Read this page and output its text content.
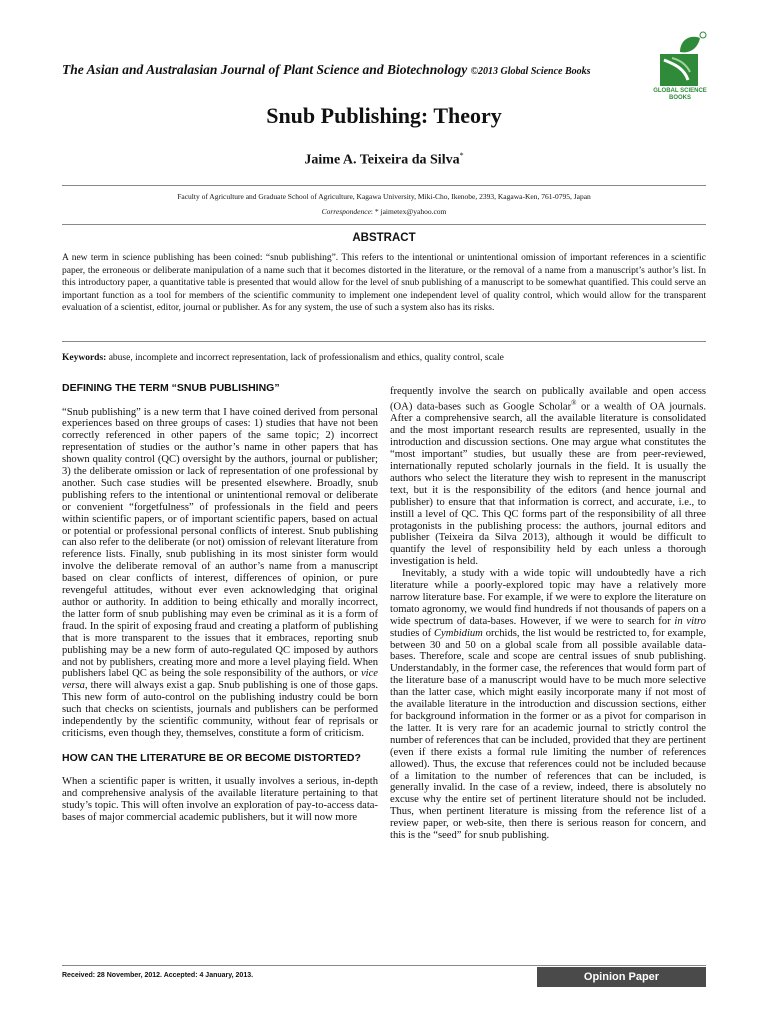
The Asian and Australasian Journal of Plant Science and Biotechnology ©2013 Global Science Books
GLOBAL SCIENCE BOOKS
Snub Publishing: Theory
Jaime A. Teixeira da Silva*
Faculty of Agriculture and Graduate School of Agriculture, Kagawa University, Miki-Cho, Ikenobe, 2393, Kagawa-Ken, 761-0795, Japan
Correspondence: * jaimetex@yahoo.com
ABSTRACT
A new term in science publishing has been coined: “snub publishing”. This refers to the intentional or unintentional omission of important references in a scientific paper, the erroneous or deliberate manipulation of a name such that it becomes distorted in the literature, or the removal of a name from a manuscript’s author’s list. In this introductory paper, a quantitative table is presented that would allow for the level of snub publishing of a manuscript to be somewhat quantified. This could serve an important function as a tool for members of the scientific community to implement one independent level of quality control, which would allow for the transparent evaluation of a scientist, editor, journal or publisher. As for any system, the use of such a system also has its risks.
Keywords: abuse, incomplete and incorrect representation, lack of professionalism and ethics, quality control, scale
DEFINING THE TERM “SNUB PUBLISHING”

“Snub publishing” is a new term that I have coined derived from personal experiences based on three groups of cases: 1) studies that have not been correctly referenced in other papers of the same topic; 2) incorrect representation of studies or the author’s name in other papers that has shown quality control (QC) oversight by the authors, journal or publisher; 3) the deliberate omission or lack of representation of one professional by another. Such case studies will be presented elsewhere. Broadly, snub publishing refers to the intentional or unintentional removal or deliberate or convenient “forgetfulness” of professionals in the field and peers within scientific papers, or of important scientific papers, based on actual or potential or professional personal conflicts of interest. Snub publishing can also refer to the deliberate (or not) omission of relevant literature from reference lists. Finally, snub publishing in its most sinister form would involve the deliberate removal of an author’s name from a manuscript based on clear conflicts of interest, differences of opinion, or pure revengeful attitudes, without ever even acknowledging that original author or authority. In addition to being ethically and morally incorrect, the latter form of snub publishing may even be criminal as it is a form of fraud. In the spirit of exposing fraud and creating a platform of publishing that is more transparent to the issues that it embraces, reporting snub publishing may be a new form of auto-regulated QC imposed by authors and not by publishers, creating more and more a level playing field. When publishers label QC as being the sole responsibility of the authors, or vice versa, there will always exist a gap. Snub publishing is one of those gaps. This new form of auto-control on the publishing industry could be born such that checks on scientists, journals and publishers can be performed independently by the scientific community, without fear of reprisals or criticisms, even though they, themselves, constitute a form of criticism.

HOW CAN THE LITERATURE BE OR BECOME DISTORTED?

When a scientific paper is written, it usually involves a serious, in-depth and comprehensive analysis of the available literature pertaining to that study’s topic. This will often involve an exploration of pay-to-access data-bases of major commercial academic publishers, but it will now more

frequently involve the search on publically available and open access (OA) data-bases such as Google Scholar® or a wealth of OA journals. After a comprehensive search, all the available literature is consolidated and the most important research results are represented, usually in the introduction and discussion sections. One may argue what constitutes the “most important” studies, but usually these are from peer-reviewed, internationally reputed scholarly journals in the field. It is usually the authors who select the literature they wish to represent in the manuscript text, but it is the responsibility of the editors (and hence journal and publisher) to ensure that that information is correct, and accurate, i.e., to instill a level of QC. This QC forms part of the responsibility of all three protagonists in the publishing process: the authors, journal editors and publisher (Teixeira da Silva 2013), although it would be difficult to quantify the level of responsibility held by each unless a thorough investigation is held.

Inevitably, a study with a wide topic will undoubtedly have a rich literature while a poorly-explored topic may have a relatively more narrow literature base. For example, if we were to explore the literature on tomato agronomy, we would find hundreds if not thousands of papers on a wide spectrum of data-bases. However, if we were to search for in vitro studies of Cymbidium orchids, the list would be restricted to, for example, between 30 and 50 on a global scale from all possible available data-bases. Therefore, scale and scope are central issues of snub publishing. Understandably, in the former case, the references that would form part of the literature base of a manuscript would have to be much more selective than the latter case, which might easily incorporate many if not most of the available literature in the introduction and discussion sections, either for background information in the former or as a pivot for comparison in the latter. It is very rare for an academic journal to strictly control the number of references that can be included, provided that they are pertinent (even if there exists a formal rule limiting the number of references allowed). Thus, the excuse that references could not be included because of a limitation to the number of references that can be included, is generally invalid. In the case of a review, indeed, there is absolutely no excuse why the entire set of pertinent literature should not be included. Thus, when pertinent literature is missing from the reference list of a review paper, or web-site, then there is serious reason for concern, and this is the “seed” for snub publishing.

Received: 28 November, 2012. Accepted: 4 January, 2013.	Opinion Paper
